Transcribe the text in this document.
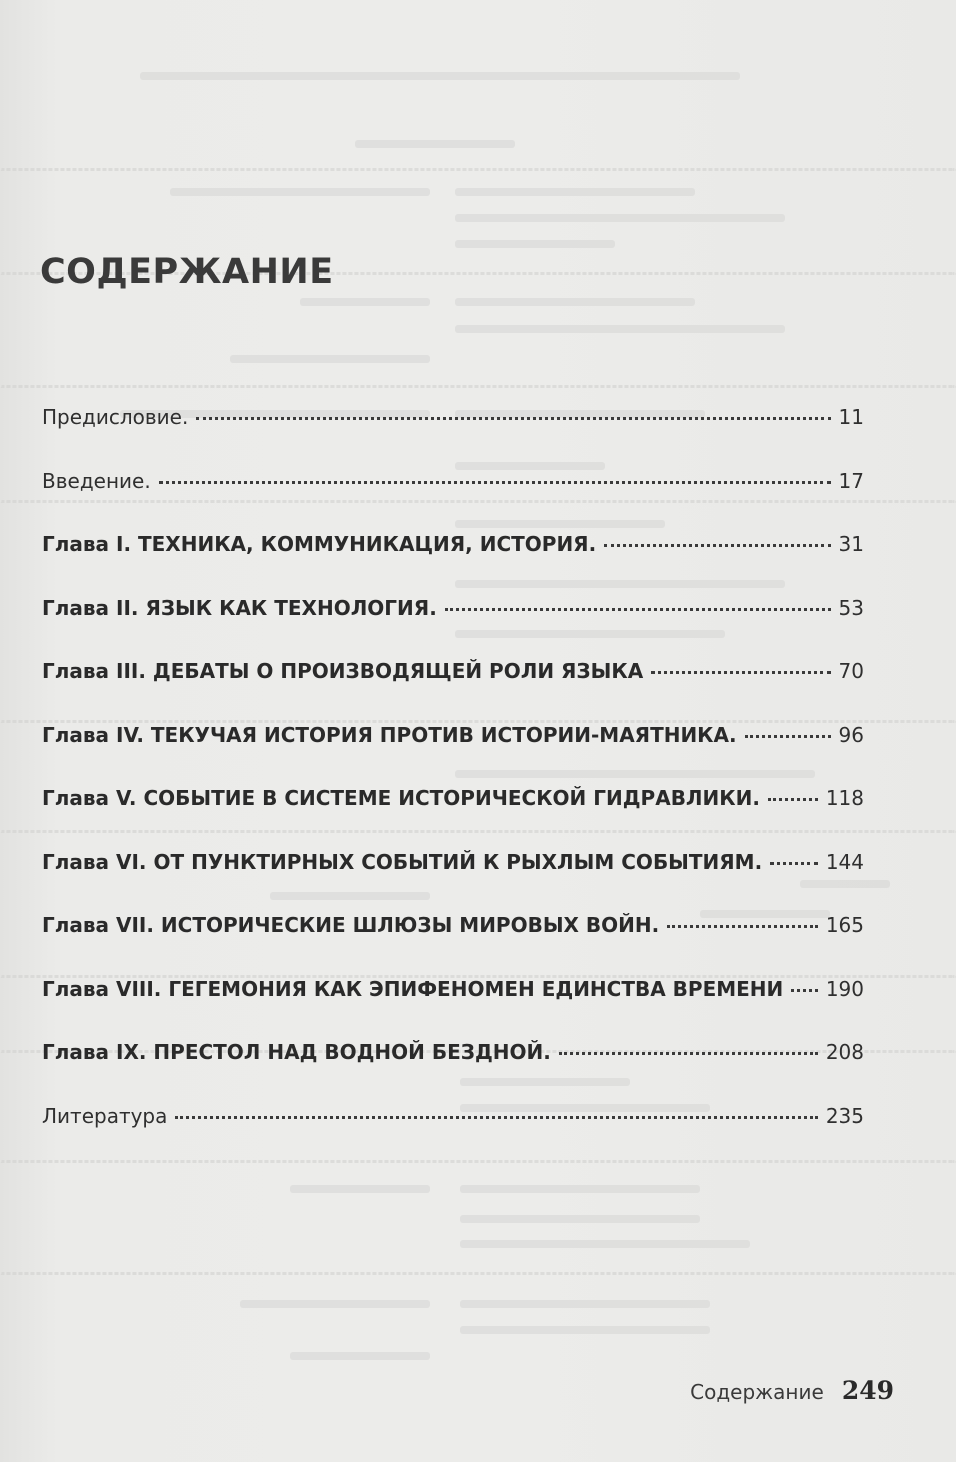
СОДЕРЖАНИЕ
Предисловие.	11
Введение.	17
Глава I. ТЕХНИКА, КОММУНИКАЦИЯ, ИСТОРИЯ.	31
Глава II. ЯЗЫК КАК ТЕХНОЛОГИЯ.	53
Глава III. ДЕБАТЫ О ПРОИЗВОДЯЩЕЙ РОЛИ ЯЗЫКА	70
Глава IV. ТЕКУЧАЯ ИСТОРИЯ ПРОТИВ ИСТОРИИ-МАЯТНИКА.	96
Глава V. СОБЫТИЕ В СИСТЕМЕ ИСТОРИЧЕСКОЙ ГИДРАВЛИКИ.	118
Глава VI. ОТ ПУНКТИРНЫХ СОБЫТИЙ К РЫХЛЫМ СОБЫТИЯМ.	144
Глава VII. ИСТОРИЧЕСКИЕ ШЛЮЗЫ МИРОВЫХ ВОЙН.	165
Глава VIII. ГЕГЕМОНИЯ КАК ЭПИФЕНОМЕН ЕДИНСТВА ВРЕМЕНИ 190
Глава IX. ПРЕСТОЛ НАД ВОДНОЙ БЕЗДНОЙ.	208
Литература	235
Содержание 249
